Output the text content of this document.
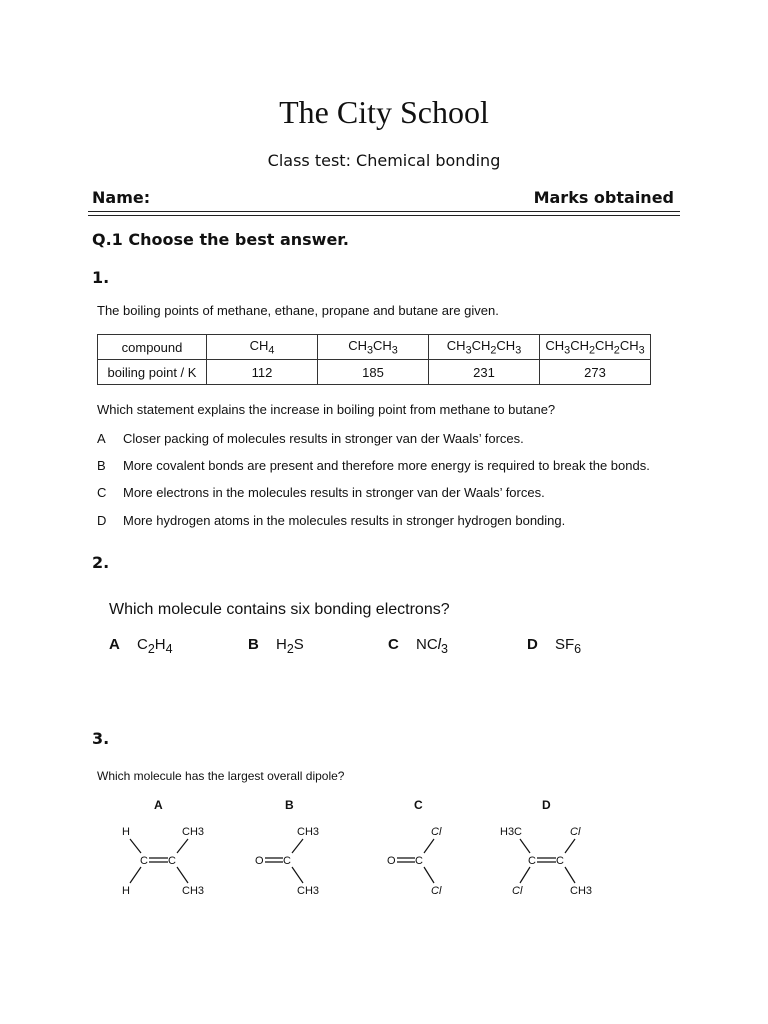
The City School
Class test: Chemical bonding
Name:	Marks obtained
Q.1 Choose the best answer.
1.
The boiling points of methane, ethane, propane and butane are given.
compound	$CH_4$	$CH_3CH_3$	$CH_3CH_2CH_3$	$CH_3CH_2CH_2CH_3$
boiling point / K	112	185	231	273
Which statement explains the increase in boiling point from methane to butane?
A Closer packing of molecules results in stronger van der Waals’ forces.
B More covalent bonds are present and therefore more energy is required to break the bonds.
C More electrons in the molecules results in stronger van der Waals’ forces.
D More hydrogen atoms in the molecules results in stronger hydrogen bonding.
2.
Which molecule contains six bonding electrons?
A $C_2H_4$	B $H_2S$	C NCl$_3$	D $SF_6$
3.
Which molecule has the largest overall dipole?
A	B	C	D
H	CH3
C C
H	CH3
O C
CH3
CH3
O C
Cl
Cl
H3C	Cl
C C
Cl	CH3
